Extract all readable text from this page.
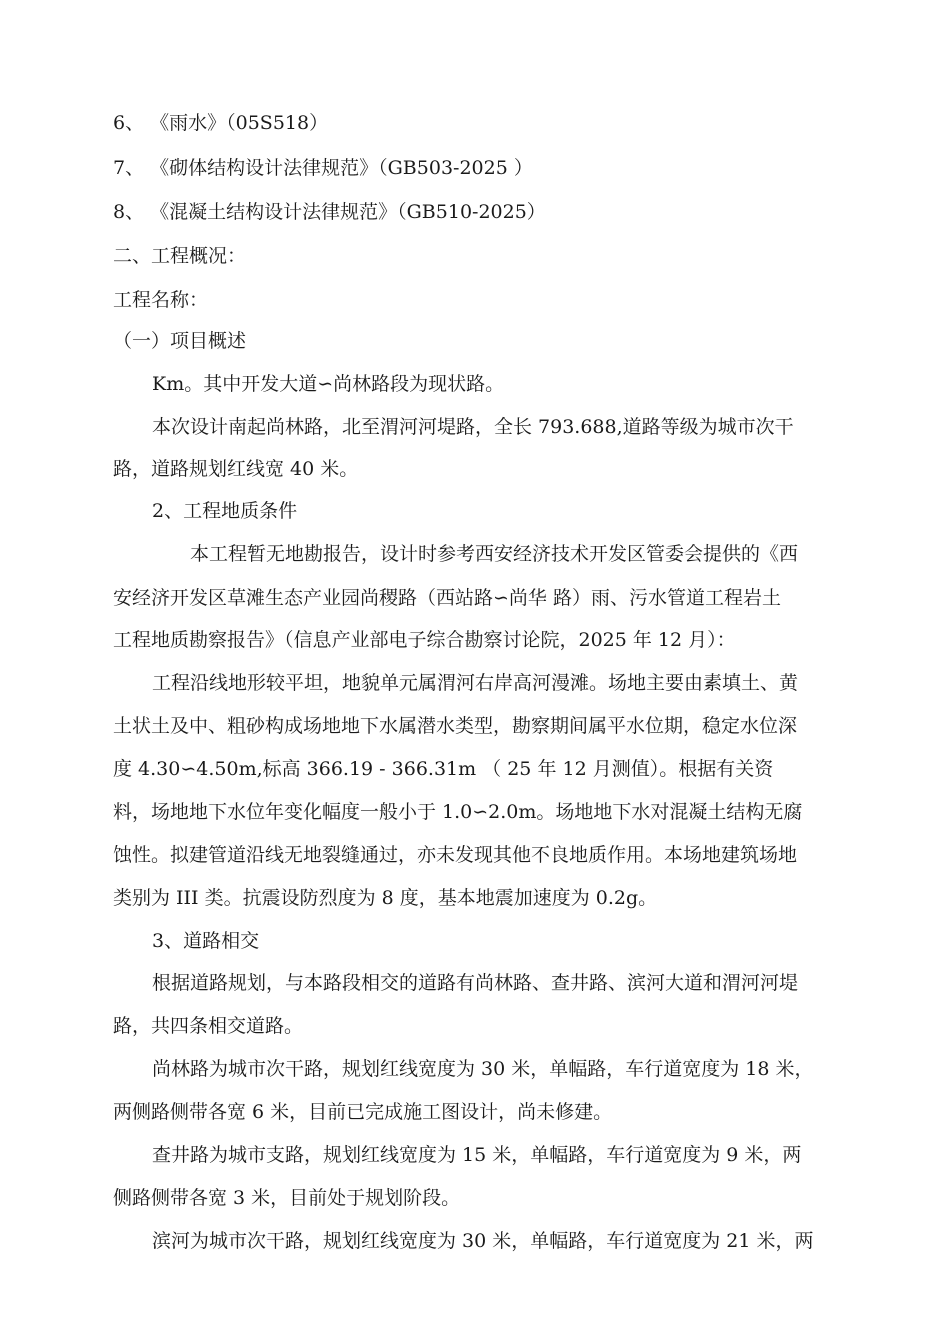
6、 《雨水》（05S518）

7、 《砌体结构设计法律规范》（GB503-2025 ）

8、 《混凝土结构设计法律规范》（GB510-2025）

二、工程概况：

工程名称：

（一）项目概述

Km。其中开发大道∽尚林路段为现状路。

本次设计南起尚林路，北至渭河河堤路，全长 793.688,道路等级为城市次干

路，道路规划红线宽 40 米。

2、工程地质条件

本工程暂无地勘报告，设计时参考西安经济技术开发区管委会提供的《西

安经济开发区草滩生态产业园尚稷路（西站路∽尚华 路）雨、污水管道工程岩土

工程地质勘察报告》（信息产业部电子综合勘察讨论院，2025 年 12 月）：

工程沿线地形较平坦，地貌单元属渭河右岸高河漫滩。场地主要由素填土、黄

土状土及中、粗砂构成场地地下水属潜水类型，勘察期间属平水位期，稳定水位深

度 4.30∽4.50m,标高 366.19 - 366.31m （ 25 年 12 月测值）。根据有关资

料，场地地下水位年变化幅度一般小于 1.0∽2.0m。场地地下水对混凝土结构无腐

蚀性。拟建管道沿线无地裂缝通过，亦未发现其他不良地质作用。本场地建筑场地

类别为 III 类。抗震设防烈度为 8 度，基本地震加速度为 0.2g。

3、道路相交

根据道路规划，与本路段相交的道路有尚林路、查井路、滨河大道和渭河河堤

路，共四条相交道路。

尚林路为城市次干路，规划红线宽度为 30 米，单幅路，车行道宽度为 18 米，

两侧路侧带各宽 6 米，目前已完成施工图设计，尚未修建。

查井路为城市支路，规划红线宽度为 15 米，单幅路，车行道宽度为 9 米，两

侧路侧带各宽 3 米，目前处于规划阶段。

滨河为城市次干路，规划红线宽度为 30 米，单幅路，车行道宽度为 21 米，两
